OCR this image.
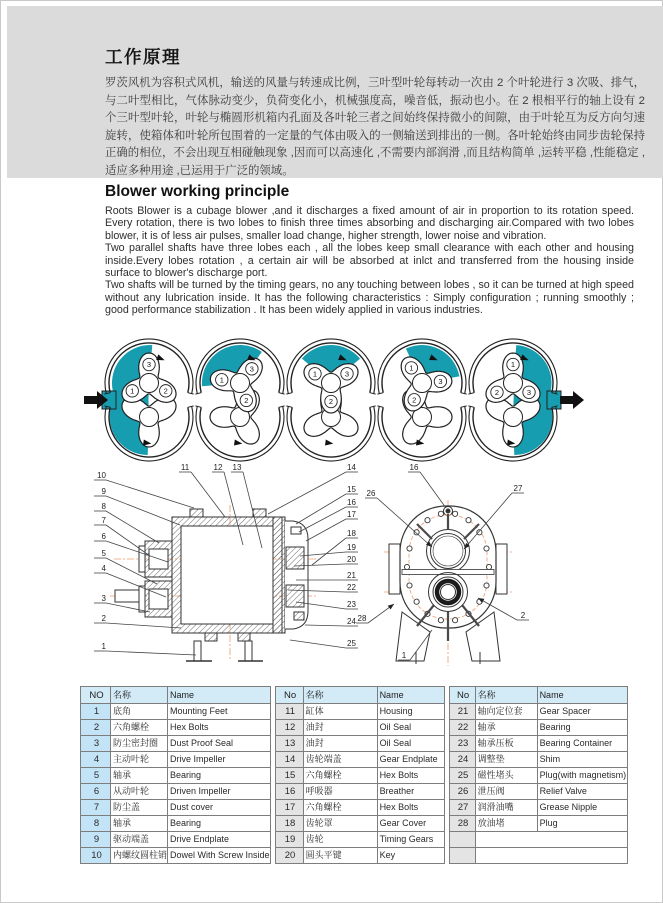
工作原理

罗茨风机为容积式风机，输送的风量与转速成比例，三叶型叶轮每转动一次由 2 个叶轮进行 3 次吸、排气，与二叶型相比，气体脉动变少，负荷变化小，机械强度高，噪音低，振动也小。在 2 根相平行的轴上设有 2 个三叶型叶轮，叶轮与椭圆形机箱内孔面及各叶轮三者之间始终保持微小的间隙，由于叶轮互为反方向匀速旋转，使箱体和叶轮所包围着的一定量的气体由吸入的一侧输送到排出的一侧。各叶轮始终由同步齿轮保持正确的相位，不会出现互相碰触现象 ,因而可以高速化 ,不需要内部润滑 ,而且结构简单 ,运转平稳 ,性能稳定 ,适应多种用途 ,已运用于广泛的领域。

Blower working principle

Roots Blower is a cubage blower ,and it discharges a fixed amount of air in proportion to its rotation speed. Every rotation, there is two lobes to finish three times absorbing and discharging air.Compared with two lobes blower, it is of less air pulses, smaller load change, higher strength, lower noise and vibration.

Two parallel shafts have three lobes each , all the lobes keep small clearance with each other and housing inside.Every lobes rotation , a certain air will be absorbed at inlct and transferred from the housing inside surface to blower's discharge port.

Two shafts will be turned by the timing gears, no any touching between lobes , so it can be turned at high speed without any lubrication inside. It has the following characteristics : Simply configuration ; running smoothly ; good performance stabilization . It has been widely applied in various industries.

1	2
3
1
2
3
1
2
3
1
2
3
1
2	3
10
9
8
7
6
5
4
3
2
1
11	12 13	14
15
16
17
18
19
20
21
22
23
24
25
16
26
27
28	2
1
NO	名称	Name
1	底角	Mounting Feet
2	六角螺栓	Hex Bolts
3	防尘密封圈	Dust Proof Seal
4	主动叶轮	Drive Impeller
5	轴承	Bearing
6	从动叶轮	Driven Impeller
7	防尘盖	Dust cover
8	轴承	Bearing
9	驱动端盖	Drive Endplate
10	内螺纹圆柱销	Dowel With Screw Inside
No	名称	Name
11	缸体	Housing
12	油封	Oil Seal
13	油封	Oil Seal
14	齿轮端盖	Gear Endplate
15	六角螺栓	Hex Bolts
16	呼吸器	Breather
17	六角螺栓	Hex Bolts
18	齿轮罩	Gear Cover
19	齿轮	Timing Gears
20	圆头平键	Key
No	名称	Name
21	轴向定位套	Gear Spacer
22	轴承	Bearing
23	轴承压板	Bearing Container
24	调整垫	Shim
25	磁性堵头	Plug(with magnetism)
26	泄压阀	Relief Valve
27	润滑油嘴	Grease Nipple
28	放油堵	Plug
